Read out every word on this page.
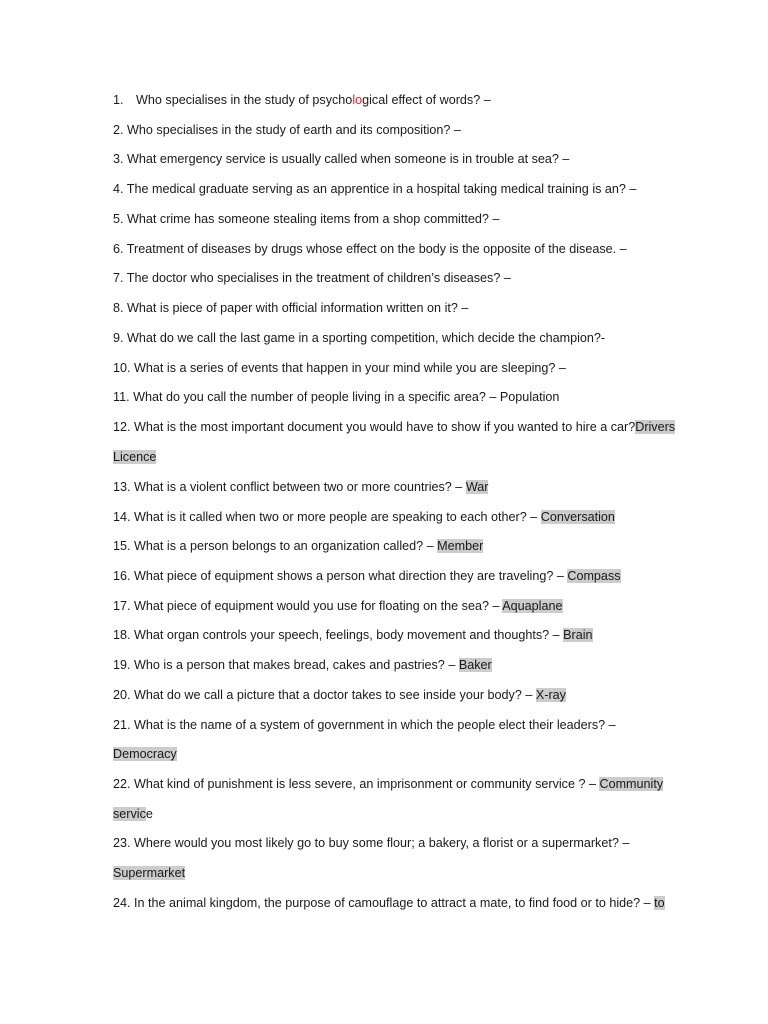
1. Who specialises in the study of psychological effect of words? –
2. Who specialises in the study of earth and its composition? –
3. What emergency service is usually called when someone is in trouble at sea? –
4. The medical graduate serving as an apprentice in a hospital taking medical training is an? –
5. What crime has someone stealing items from a shop committed? –
6. Treatment of diseases by drugs whose effect on the body is the opposite of the disease. –
7. The doctor who specialises in the treatment of children’s diseases? –
8. What is piece of paper with official information written on it? –
9. What do we call the last game in a sporting competition, which decide the champion?-
10. What is a series of events that happen in your mind while you are sleeping? –
11. What do you call the number of people living in a specific area? – Population
12. What is the most important document you would have to show if you wanted to hire a car?Drivers
Licence
13. What is a violent conflict between two or more countries? – War
14. What is it called when two or more people are speaking to each other? – Conversation
15. What is a person belongs to an organization called? – Member
16. What piece of equipment shows a person what direction they are traveling? – Compass
17. What piece of equipment would you use for floating on the sea? – Aquaplane
18. What organ controls your speech, feelings, body movement and thoughts? – Brain
19. Who is a person that makes bread, cakes and pastries? – Baker
20. What do we call a picture that a doctor takes to see inside your body? – X-ray
21. What is the name of a system of government in which the people elect their leaders? –
Democracy
22. What kind of punishment is less severe, an imprisonment or community service ? – Community
service
23. Where would you most likely go to buy some flour; a bakery, a florist or a supermarket? –
Supermarket
24. In the animal kingdom, the purpose of camouflage to attract a mate, to find food or to hide? – to
